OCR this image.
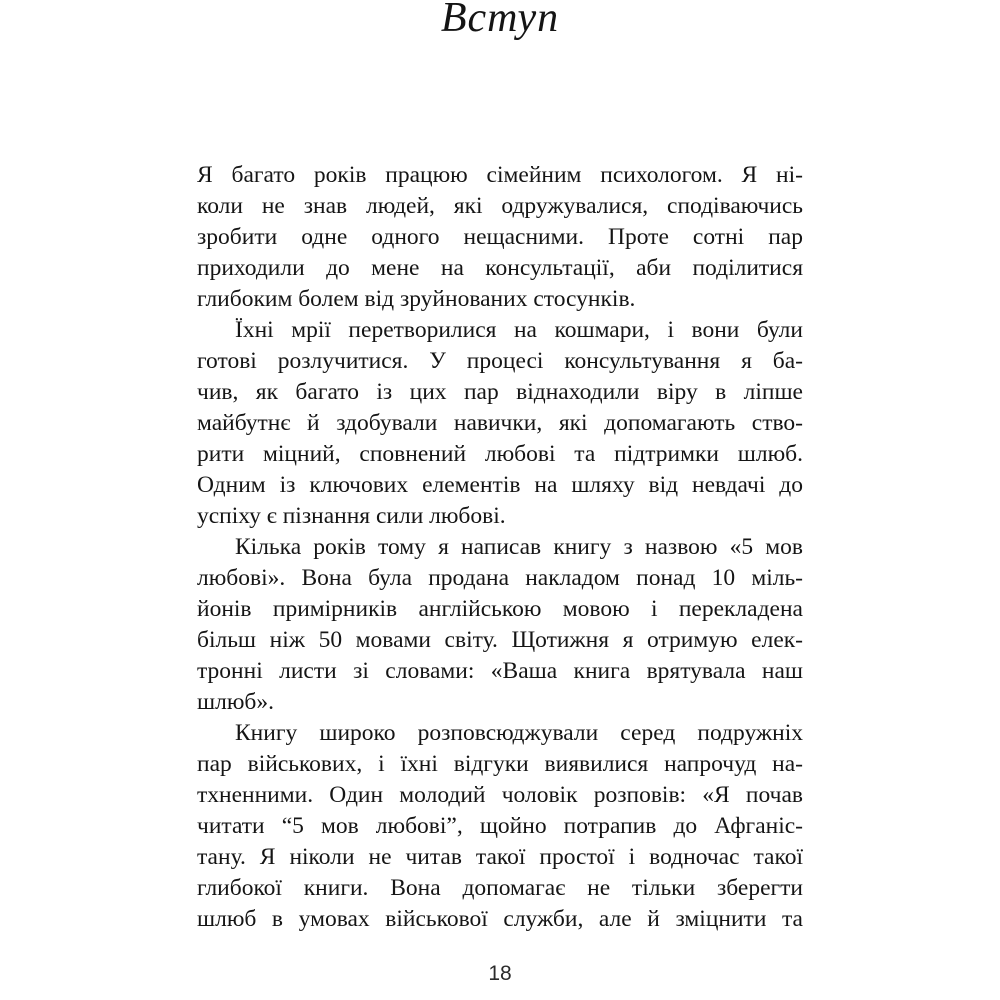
Вступ
Я багато років працюю сімейним психологом. Я ні-
коли не знав людей, які одружувалися, сподіваючись
зробити одне одного нещасними. Проте сотні пар
приходили до мене на консультації, аби поділитися
глибоким болем від зруйнованих стосунків.
Їхні мрії перетворилися на кошмари, і вони були
готові розлучитися. У процесі консультування я ба-
чив, як багато із цих пар віднаходили віру в ліпше
майбутнє й здобували навички, які допомагають ство-
рити міцний, сповнений любові та підтримки шлюб.
Одним із ключових елементів на шляху від невдачі до
успіху є пізнання сили любові.
Кілька років тому я написав книгу з назвою «5 мов
любові». Вона була продана накладом понад 10 міль-
йонів примірників англійською мовою і перекладена
більш ніж 50 мовами світу. Щотижня я отримую елек-
тронні листи зі словами: «Ваша книга врятувала наш
шлюб».
Книгу широко розповсюджували серед подружніх
пар військових, і їхні відгуки виявилися напрочуд на-
тхненними. Один молодий чоловік розповів: «Я почав
читати “5 мов любові”, щойно потрапив до Афганіс-
тану. Я ніколи не читав такої простої і водночас такої
глибокої книги. Вона допомагає не тільки зберегти
шлюб в умовах військової служби, але й зміцнити та
18
